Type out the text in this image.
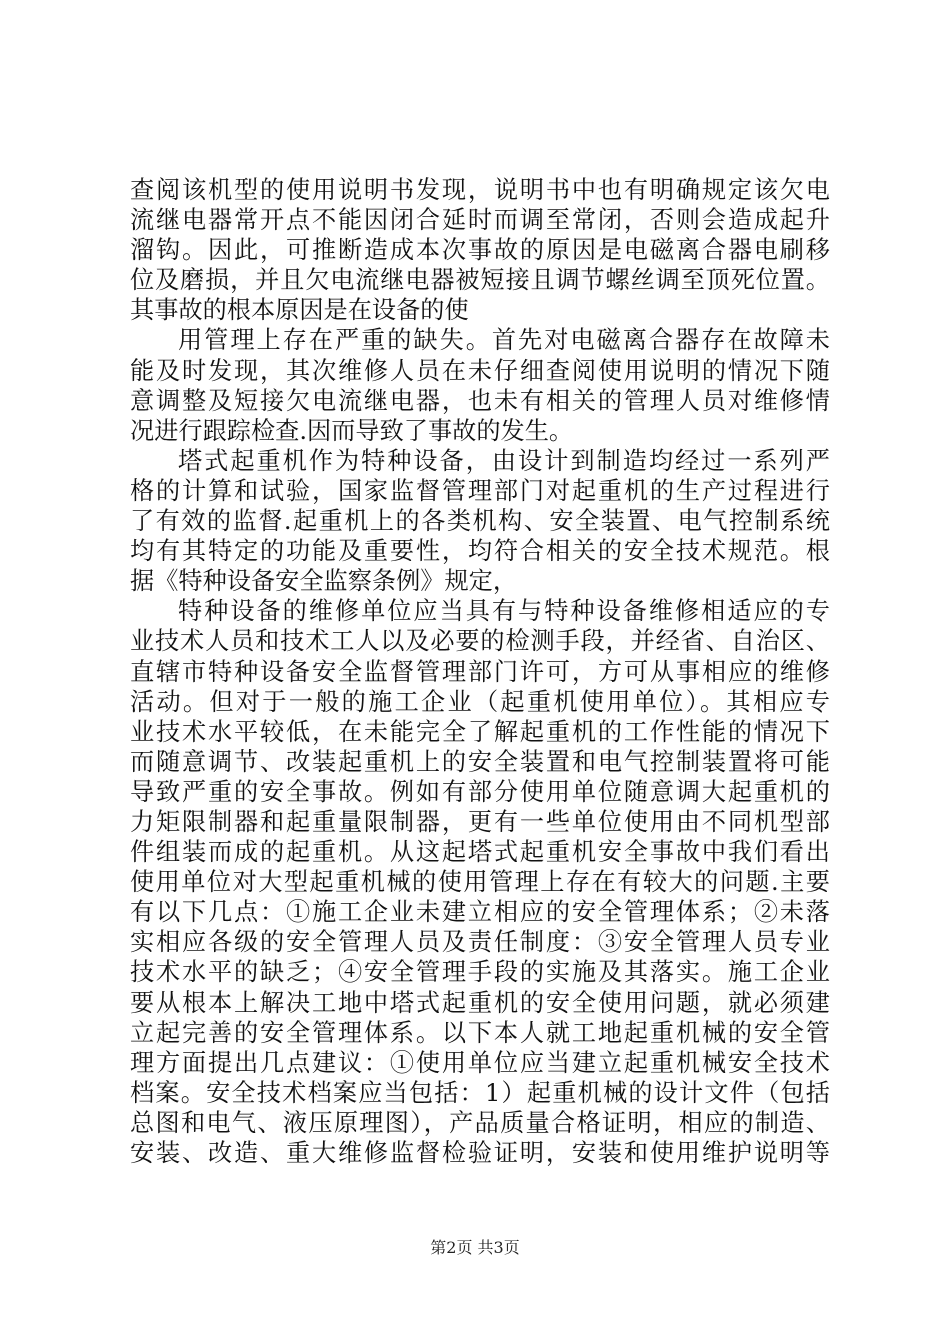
查阅该机型的使用说明书发现，说明书中也有明确规定该欠电
流继电器常开点不能因闭合延时而调至常闭，否则会造成起升
溜钩。因此，可推断造成本次事故的原因是电磁离合器电刷移
位及磨损，并且欠电流继电器被短接且调节螺丝调至顶死位置。
其事故的根本原因是在设备的使
用管理上存在严重的缺失。首先对电磁离合器存在故障未
能及时发现，其次维修人员在未仔细查阅使用说明的情况下随
意调整及短接欠电流继电器，也未有相关的管理人员对维修情
况进行跟踪检查.因而导致了事故的发生。
塔式起重机作为特种设备，由设计到制造均经过一系列严
格的计算和试验，国家监督管理部门对起重机的生产过程进行
了有效的监督.起重机上的各类机构、安全装置、电气控制系统
均有其特定的功能及重要性，均符合相关的安全技术规范。根
据《特种设备安全监察条例》规定，
特种设备的维修单位应当具有与特种设备维修相适应的专
业技术人员和技术工人以及必要的检测手段，并经省、自治区、
直辖市特种设备安全监督管理部门许可，方可从事相应的维修
活动。但对于一般的施工企业（起重机使用单位）。其相应专
业技术水平较低，在未能完全了解起重机的工作性能的情况下
而随意调节、改装起重机上的安全装置和电气控制装置将可能
导致严重的安全事故。例如有部分使用单位随意调大起重机的
力矩限制器和起重量限制器，更有一些单位使用由不同机型部
件组装而成的起重机。从这起塔式起重机安全事故中我们看出
使用单位对大型起重机械的使用管理上存在有较大的问题.主要
有以下几点：①施工企业未建立相应的安全管理体系；②未落
实相应各级的安全管理人员及责任制度：③安全管理人员专业
技术水平的缺乏；④安全管理手段的实施及其落实。施工企业
要从根本上解决工地中塔式起重机的安全使用问题，就必须建
立起完善的安全管理体系。以下本人就工地起重机械的安全管
理方面提出几点建议：①使用单位应当建立起重机械安全技术
档案。安全技术档案应当包括：1）起重机械的设计文件（包括
总图和电气、液压原理图），产品质量合格证明，相应的制造、
安装、改造、重大维修监督检验证明，安装和使用维护说明等
第2页 共3页
